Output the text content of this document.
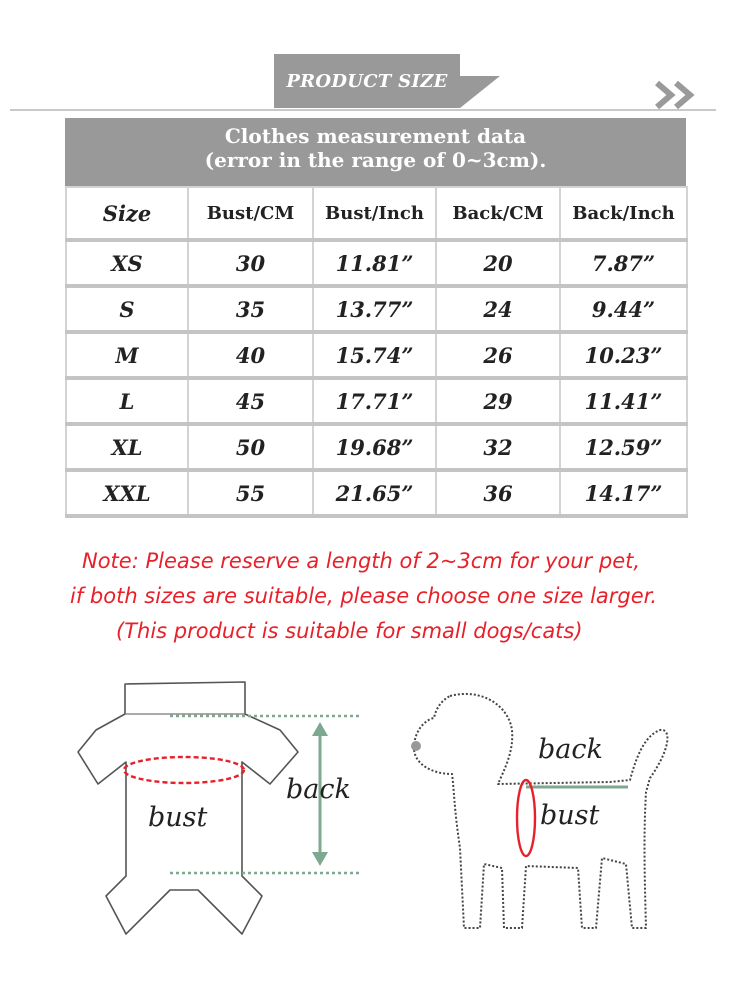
PRODUCT SIZE
Clothes measurement data
(error in the range of 0~3cm).
Size	Bust/CM	Bust/Inch	Back/CM	Back/Inch
XS	30	11.81”	20	7.87”
S	35	13.77”	24	9.44”
M	40	15.74”	26	10.23”
L	45	17.71”	29	11.41”
XL	50	19.68”	32	12.59”
XXL	55	21.65”	36	14.17”
Note: Please reserve a length of 2~3cm for your pet,
if both sizes are suitable, please choose one size larger.
(This product is suitable for small dogs/cats)
back
bust
back
bust
